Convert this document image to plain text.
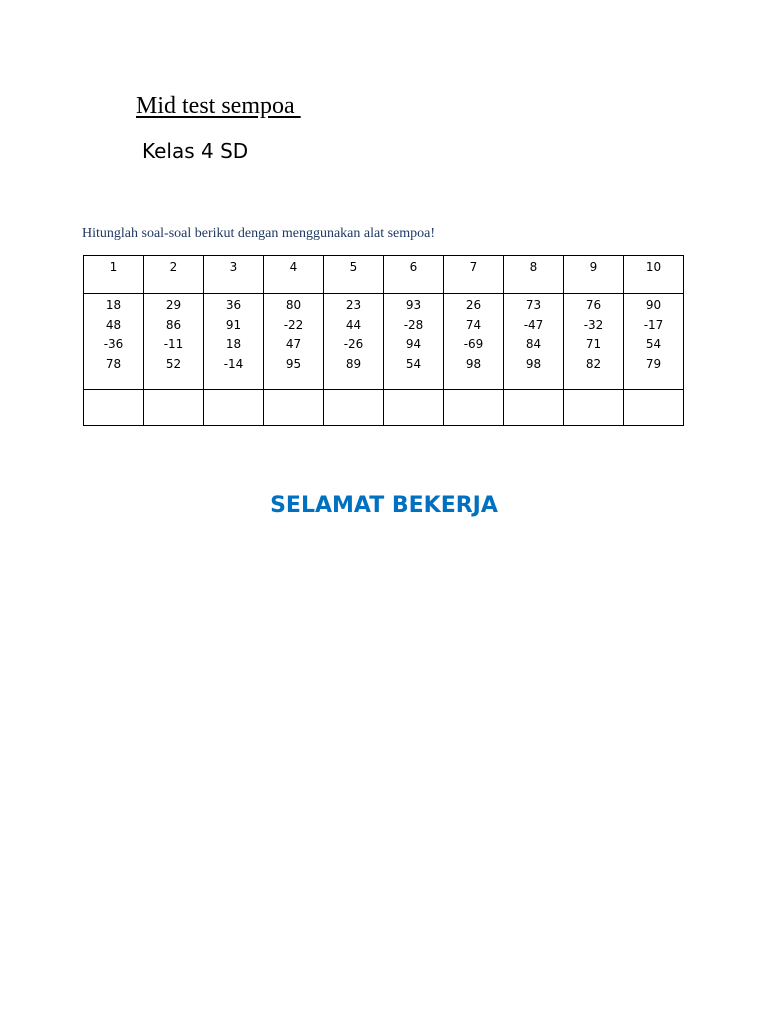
Mid test sempoa
Kelas 4 SD
Hitunglah soal-soal berikut dengan menggunakan alat sempoa!
1	2	3	4	5	6	7	8	9	10

18
48
-36
78	29
86
-11
52	36
91
18
-14	80
-22
47
95	23
44
-26
89	93
-28
94
54	26
74
-69
98	73
-47
84
98	76
-32
71
82	90
-17
54
79

SELAMAT BEKERJA
